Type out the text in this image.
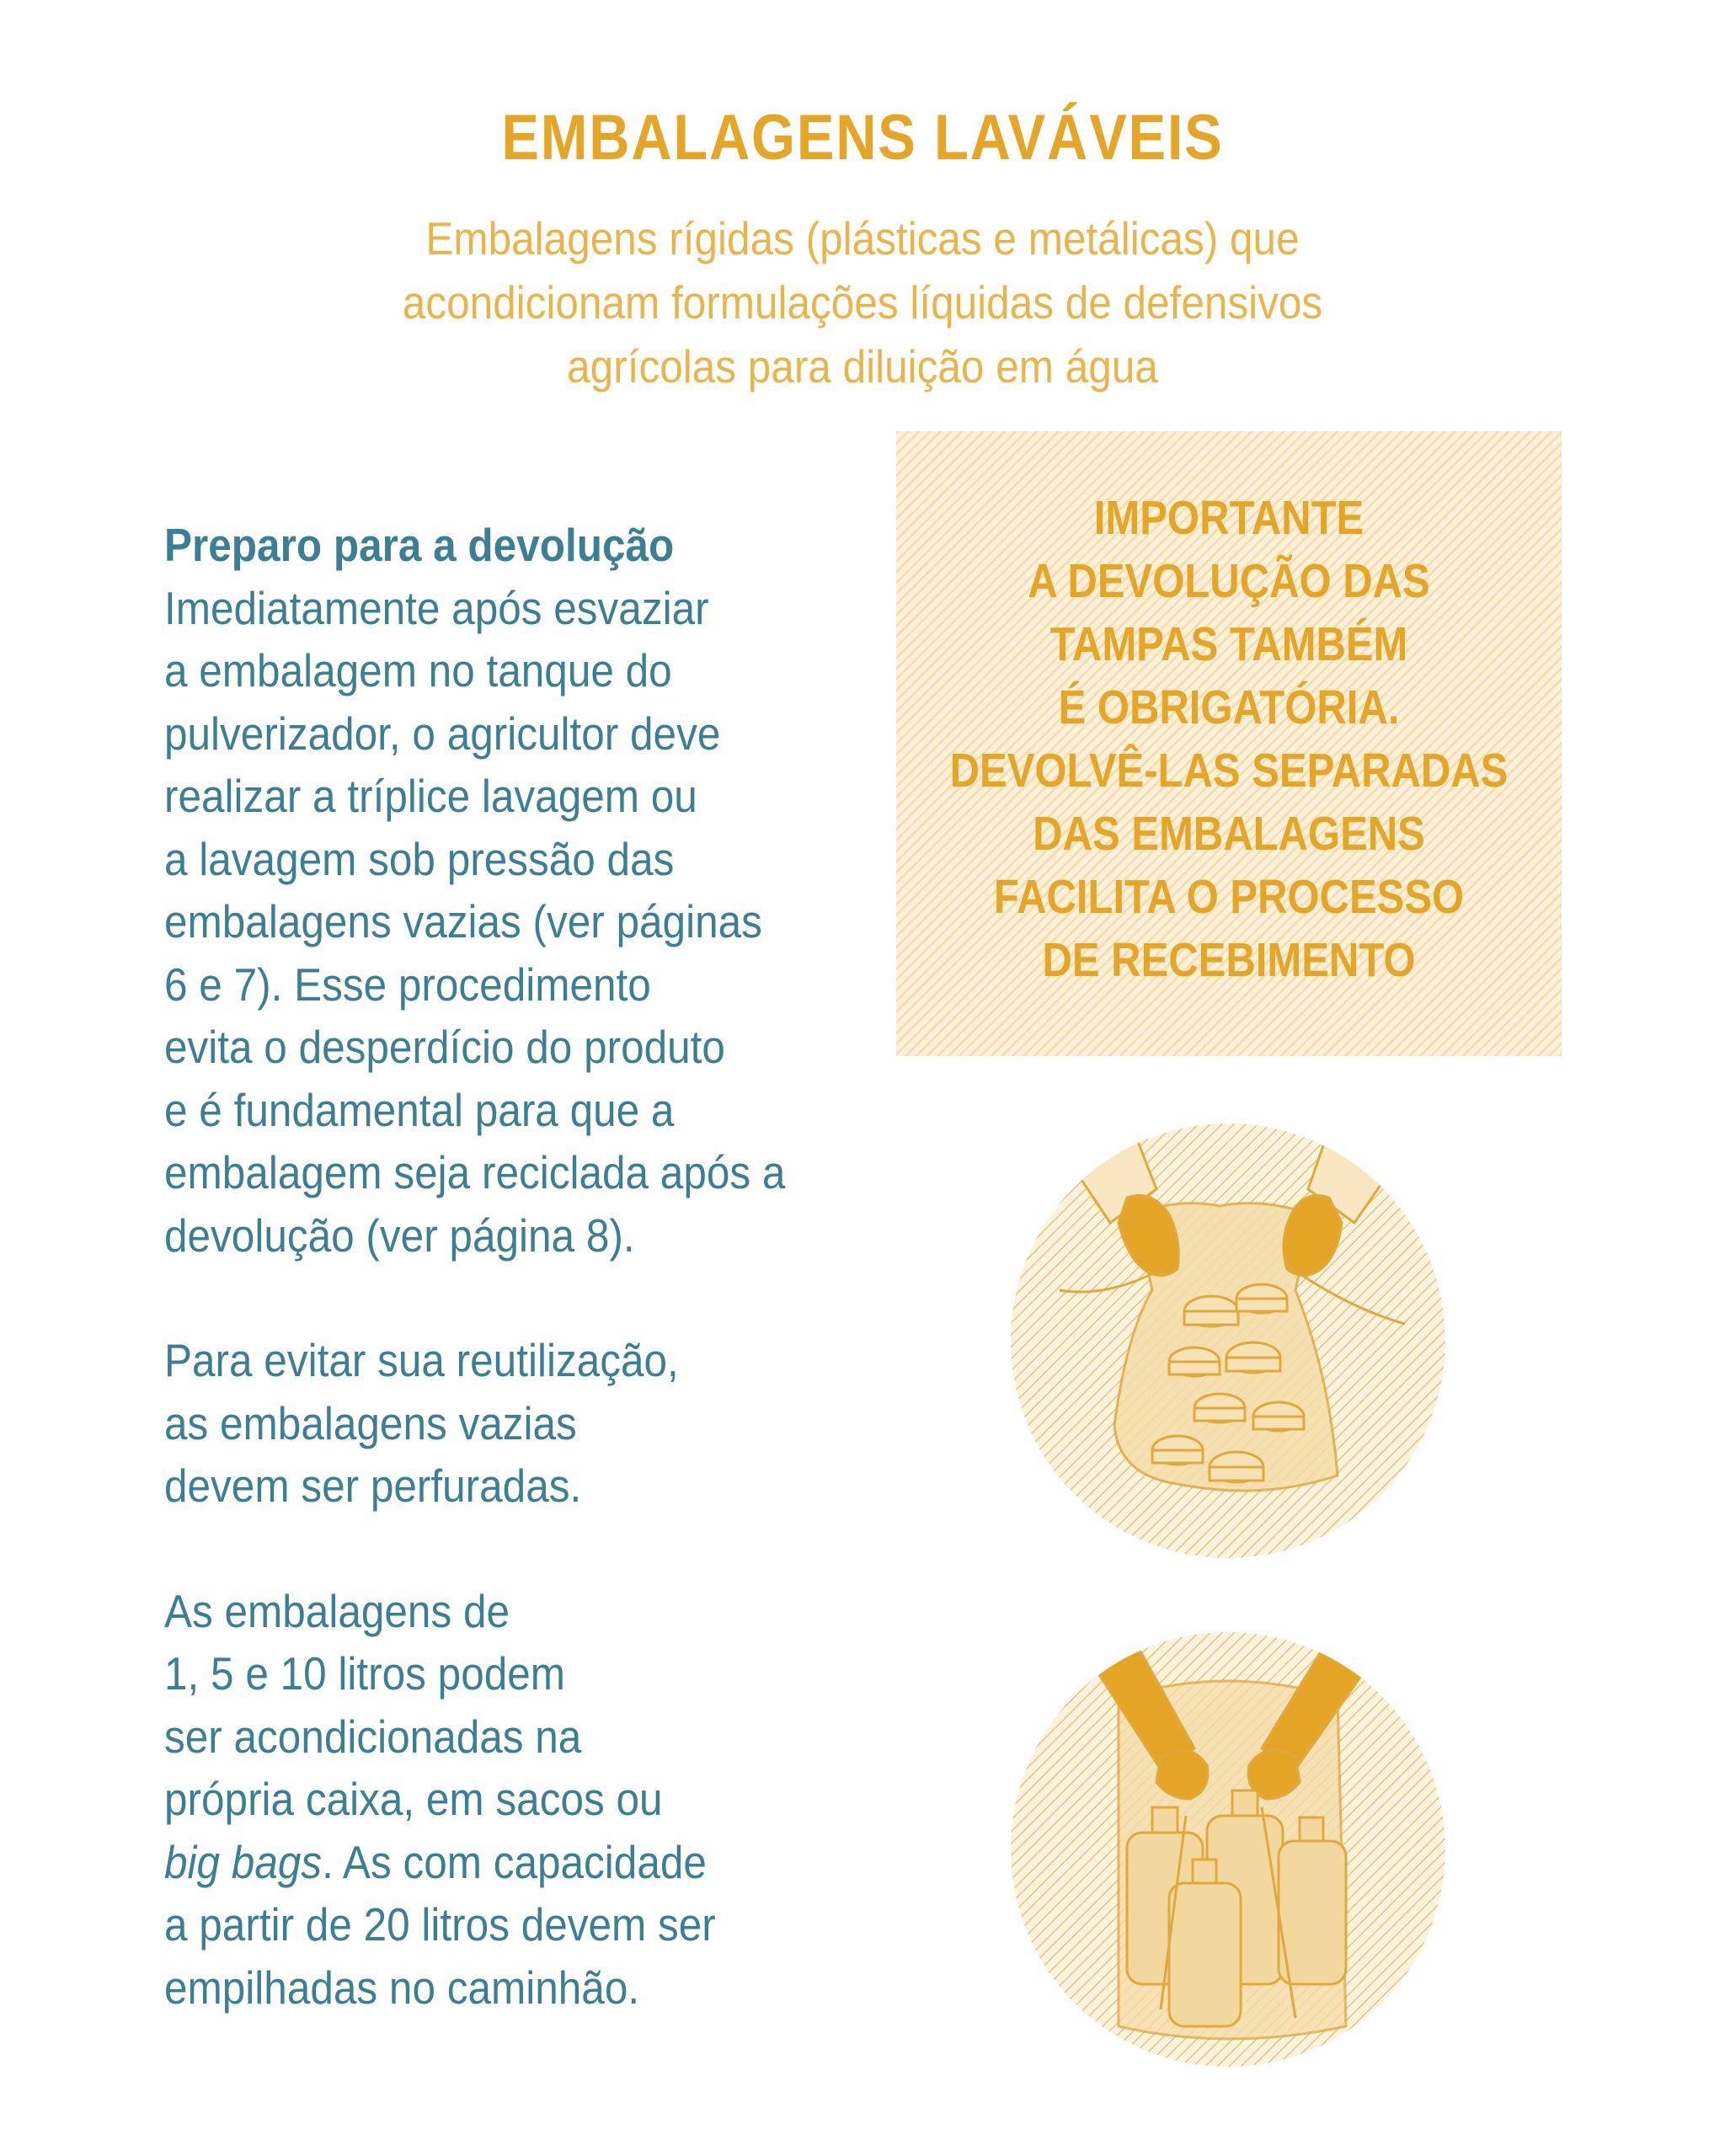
EMBALAGENS LAVÁVEIS
Embalagens rígidas (plásticas e metálicas) que
acondicionam formulações líquidas de defensivos
agrícolas para diluição em água

Preparo para a devolução

Imediatamente após esvaziar

a embalagem no tanque do

pulverizador, o agricultor deve

realizar a tríplice lavagem ou

a lavagem sob pressão das

embalagens vazias (ver páginas

6 e 7). Esse procedimento

evita o desperdício do produto

e é fundamental para que a

embalagem seja reciclada após a

devolução (ver página 8).

Para evitar sua reutilização,

as embalagens vazias

devem ser perfuradas.

As embalagens de

1, 5 e 10 litros podem

ser acondicionadas na

própria caixa, em sacos ou

big bags. As com capacidade

a partir de 20 litros devem ser

empilhadas no caminhão.

IMPORTANTE
A DEVOLUÇÃO DAS
TAMPAS TAMBÉM
É OBRIGATÓRIA.
DEVOLVÊ-LAS SEPARADAS
DAS EMBALAGENS
FACILITA O PROCESSO
DE RECEBIMENTO
